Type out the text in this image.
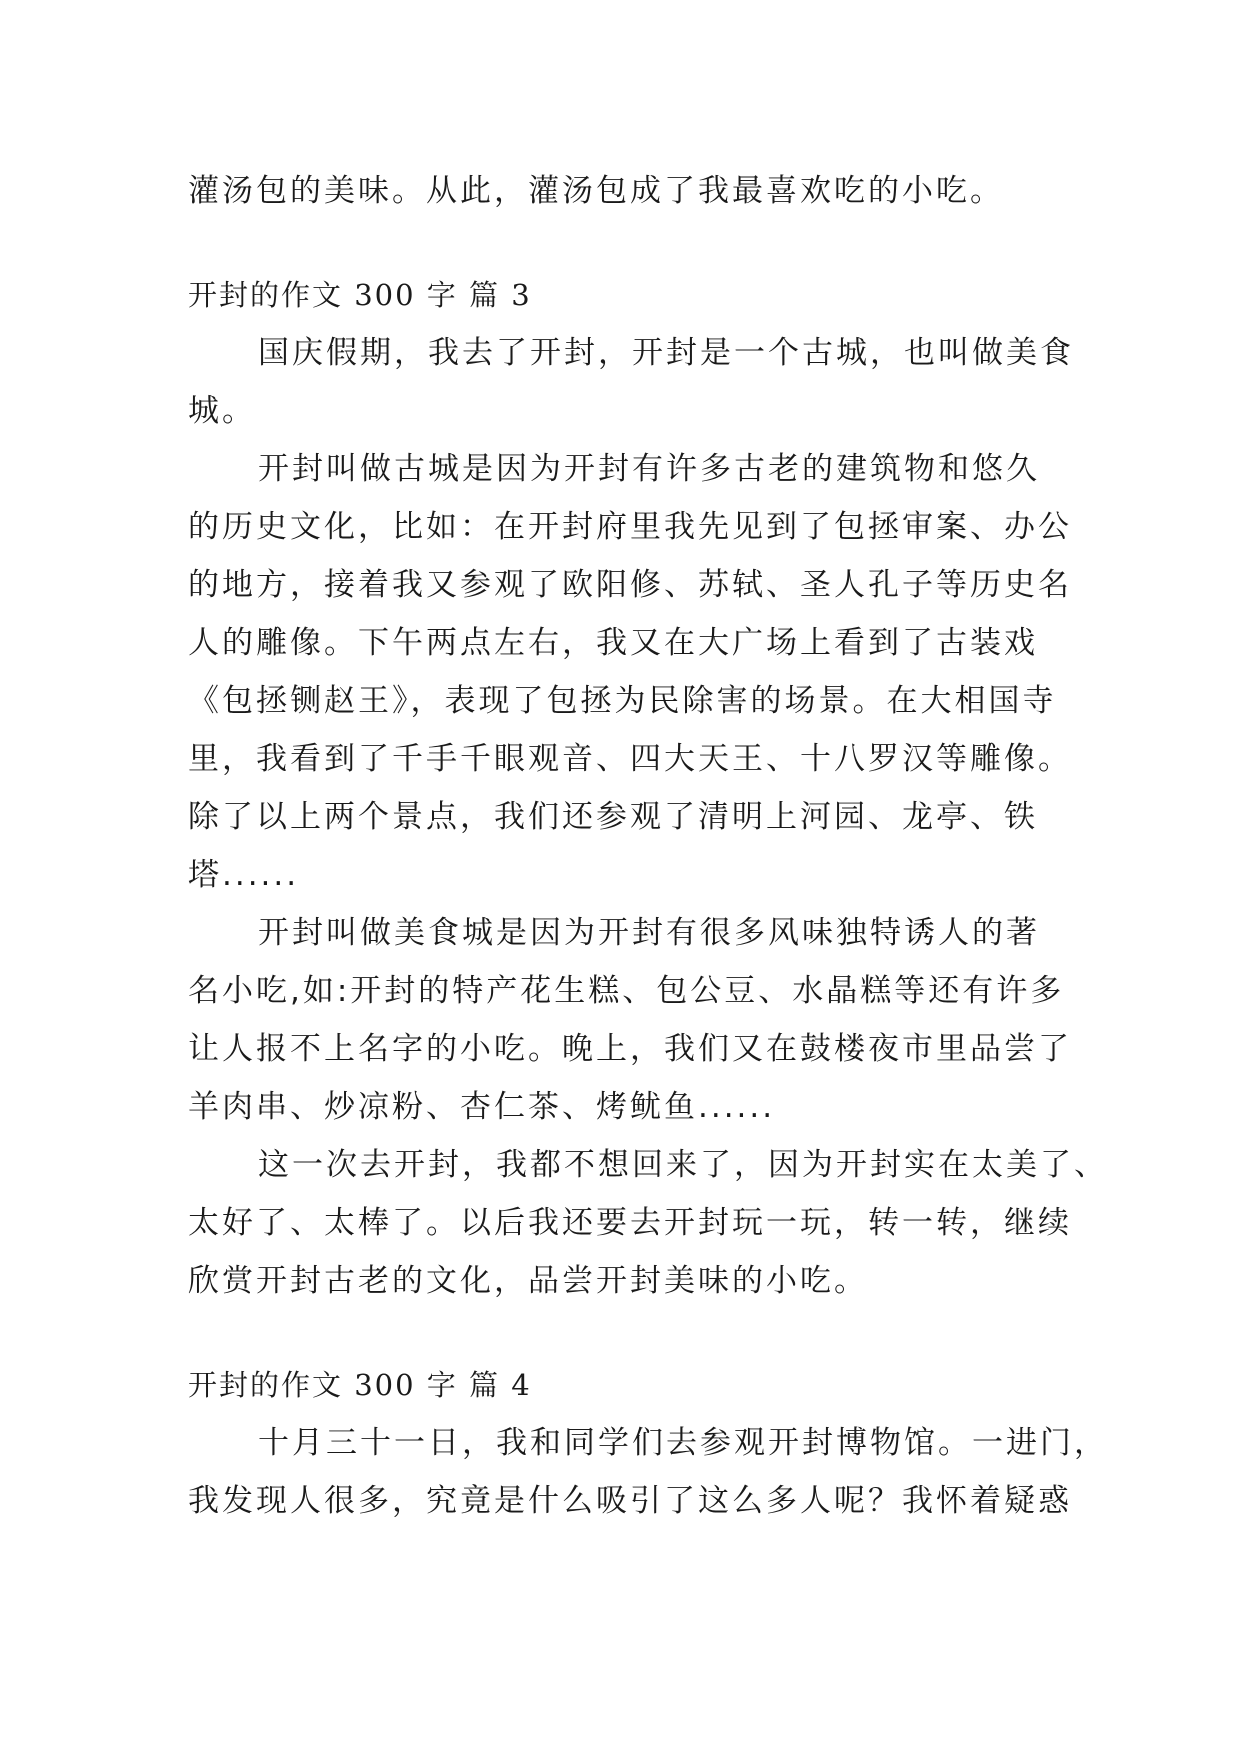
灌汤包的美味。从此，灌汤包成了我最喜欢吃的小吃。
开封的作文 300 字 篇 3
国庆假期，我去了开封，开封是一个古城，也叫做美食
城。
开封叫做古城是因为开封有许多古老的建筑物和悠久
的历史文化，比如：在开封府里我先见到了包拯审案、办公
的地方，接着我又参观了欧阳修、苏轼、圣人孔子等历史名
人的雕像。下午两点左右，我又在大广场上看到了古装戏
《包拯铡赵王》，表现了包拯为民除害的场景。在大相国寺
里，我看到了千手千眼观音、四大天王、十八罗汉等雕像。
除了以上两个景点，我们还参观了清明上河园、龙亭、铁
塔......
开封叫做美食城是因为开封有很多风味独特诱人的著
名小吃,如:开封的特产花生糕、包公豆、水晶糕等还有许多
让人报不上名字的小吃。晚上，我们又在鼓楼夜市里品尝了
羊肉串、炒凉粉、杏仁茶、烤鱿鱼......
这一次去开封，我都不想回来了，因为开封实在太美了、
太好了、太棒了。以后我还要去开封玩一玩，转一转，继续
欣赏开封古老的文化，品尝开封美味的小吃。
开封的作文 300 字 篇 4
十月三十一日，我和同学们去参观开封博物馆。一进门，
我发现人很多，究竟是什么吸引了这么多人呢？我怀着疑惑
